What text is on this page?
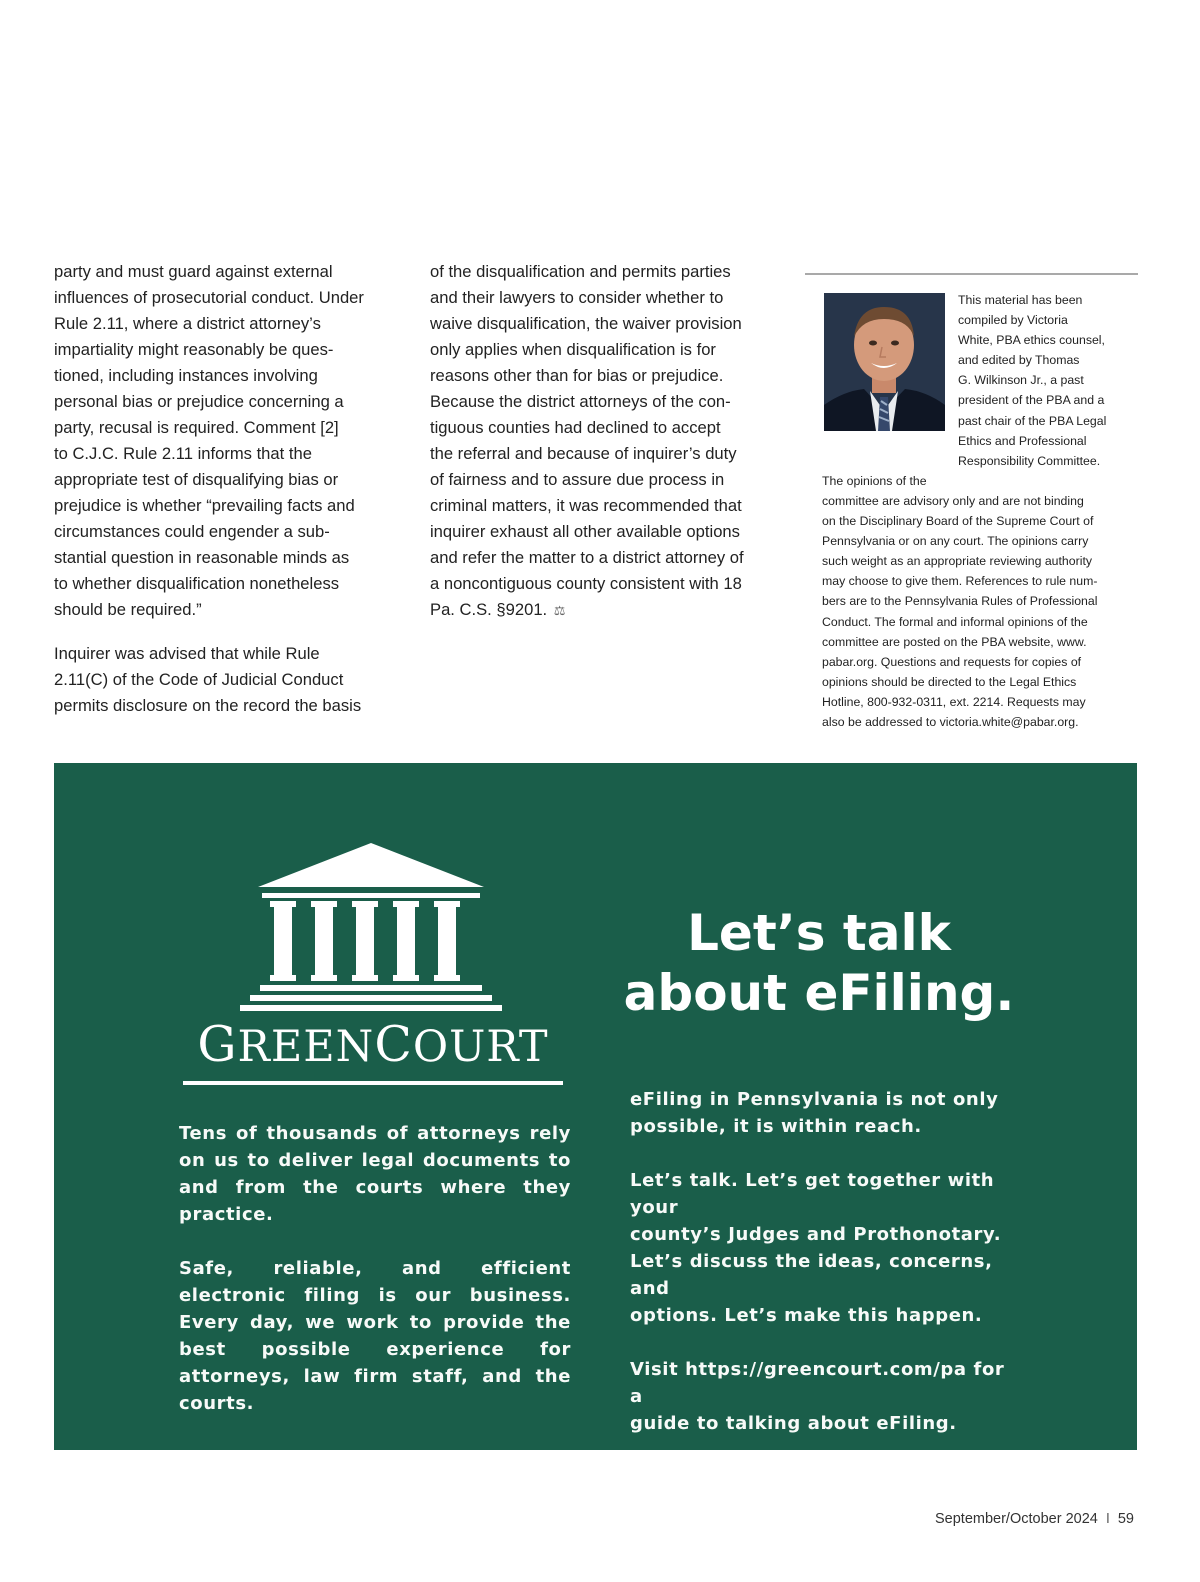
party and must guard against external
influences of prosecutorial conduct. Under
Rule 2.11, where a district attorney’s
impartiality might reasonably be ques-
tioned, including instances involving
personal bias or prejudice concerning a
party, recusal is required. Comment [2]
to C.J.C. Rule 2.11 informs that the
appropriate test of disqualifying bias or
prejudice is whether “prevailing facts and
circumstances could engender a sub-
stantial question in reasonable minds as
to whether disqualification nonetheless
should be required.”

Inquirer was advised that while Rule
2.11(C) of the Code of Judicial Conduct
permits disclosure on the record the basis

of the disqualification and permits parties
and their lawyers to consider whether to
waive disqualification, the waiver provision
only applies when disqualification is for
reasons other than for bias or prejudice.
Because the district attorneys of the con-
tiguous counties had declined to accept
the referral and because of inquirer’s duty
of fairness and to assure due process in
criminal matters, it was recommended that
inquirer exhaust all other available options
and refer the matter to a district attorney of
a noncontiguous county consistent with 18
Pa. C.S. §9201. ⚖

This material has been
compiled by Victoria
White, PBA ethics counsel,
and edited by Thomas
G. Wilkinson Jr., a past
president of the PBA and a
past chair of the PBA Legal
Ethics and Professional
Responsibility Committee. The opinions of the
committee are advisory only and are not binding
on the Disciplinary Board of the Supreme Court of
Pennsylvania or on any court. The opinions carry
such weight as an appropriate reviewing authority
may choose to give them. References to rule num-
bers are to the Pennsylvania Rules of Professional
Conduct. The formal and informal opinions of the
committee are posted on the PBA website, www.
pabar.org. Questions and requests for copies of
opinions should be directed to the Legal Ethics
Hotline, 800-932-0311, ext. 2214. Requests may
also be addressed to victoria.white@pabar.org.

GREENCOURT

Tens of thousands of attorneys rely on us to deliver legal documents to and from the courts where they practice.

Safe, reliable, and efficient electronic filing is our business. Every day, we work to provide the best possible experience for attorneys, law firm staff, and the courts.

Let’s talk
about eFiling.

eFiling in Pennsylvania is not only
possible, it is within reach.

Let’s talk. Let’s get together with your
county’s Judges and Prothonotary.
Let’s discuss the ideas, concerns, and
options. Let’s make this happen.

Visit https://greencourt.com/pa for a
guide to talking about eFiling.

September/October 2024 I 59
